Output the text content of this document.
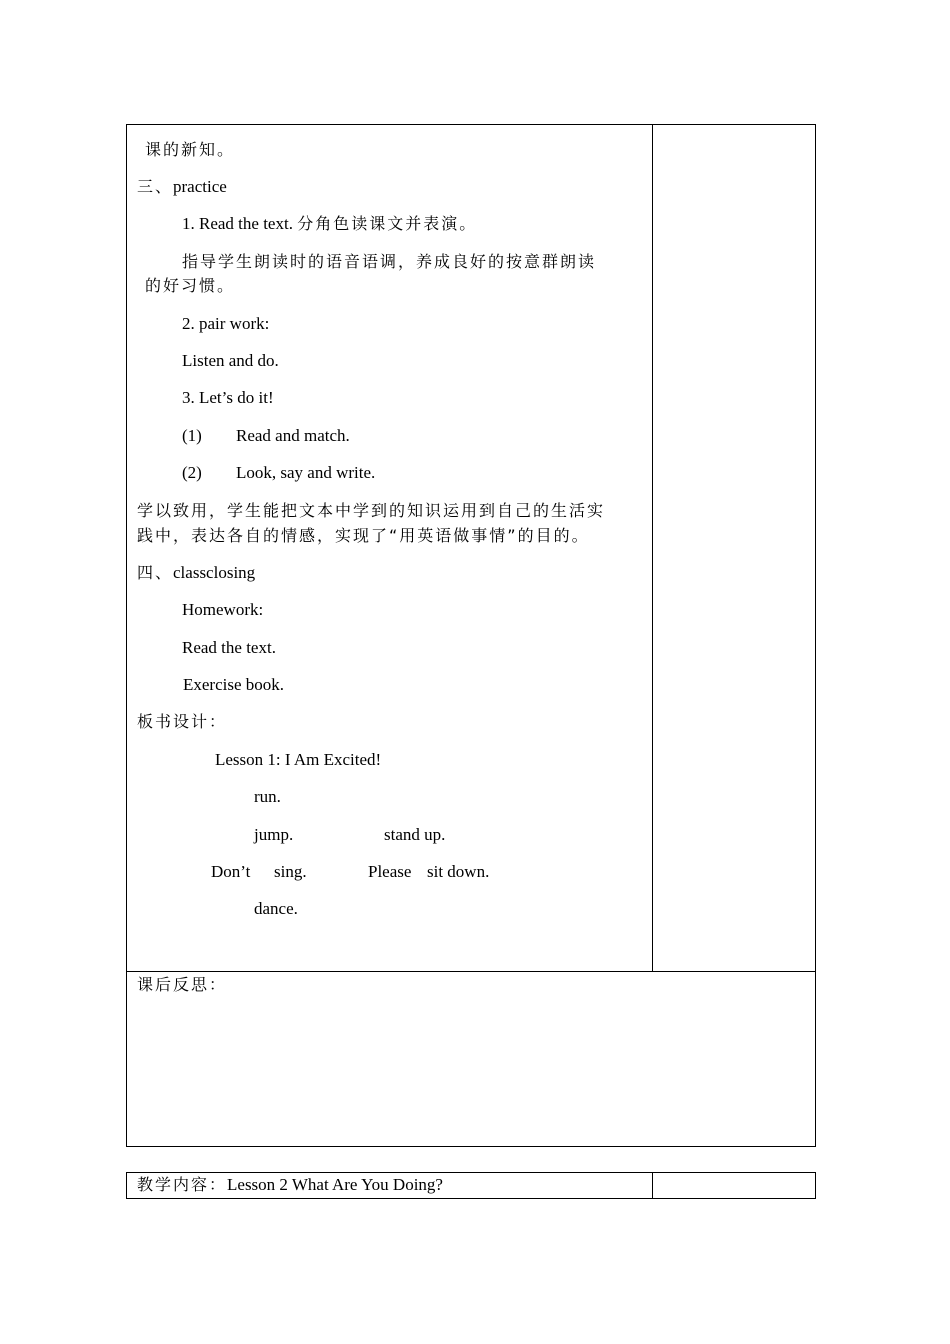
课的新知。
三、practice
1. Read the text. 分角色读课文并表演。
指导学生朗读时的语音语调，养成良好的按意群朗读
的好习惯。
2. pair work:
Listen and do.
3. Let’s do it!
(1) Read and match.
(2) Look, say and write.
学以致用，学生能把文本中学到的知识运用到自己的生活实
践中，表达各自的情感，实现了“用英语做事情”的目的。
四、classclosing
Homework:
Read the text.
Exercise book.
板书设计：
Lesson 1: I Am Excited!
run.
jump.	stand up.
Don’t sing.	Please sit down.
dance.
课后反思：
教学内容：Lesson 2 What Are You Doing?
